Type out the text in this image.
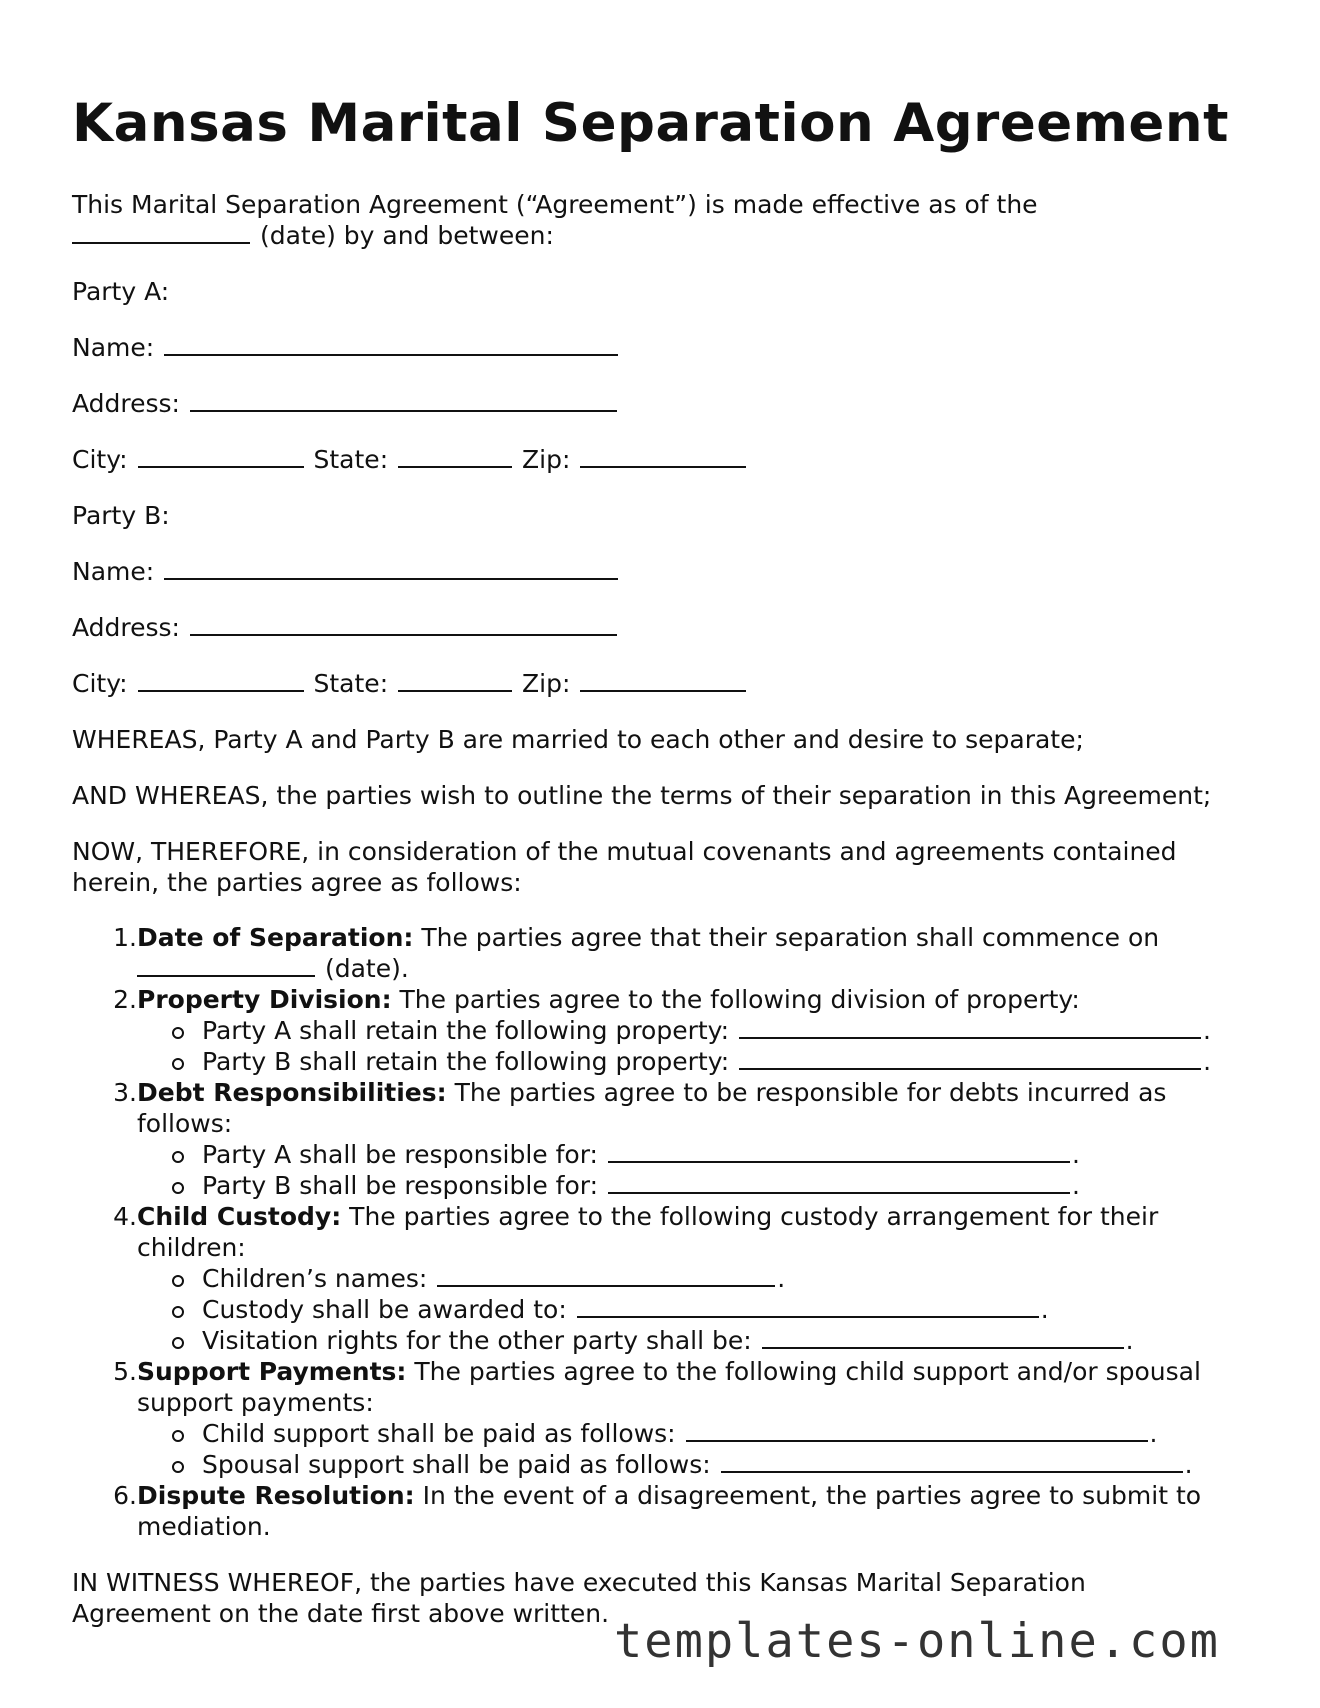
Kansas Marital Separation Agreement
This Marital Separation Agreement (“Agreement”) is made effective as of the
(date) by and between:
Party A:
Name:
Address:
City:	State:	Zip:
Party B:
Name:
Address:
City:	State:	Zip:
WHEREAS, Party A and Party B are married to each other and desire to separate;
AND WHEREAS, the parties wish to outline the terms of their separation in this Agreement;
NOW, THEREFORE, in consideration of the mutual covenants and agreements contained
herein, the parties agree as follows:
1. Date of Separation: The parties agree that their separation shall commence on
(date).
2. Property Division: The parties agree to the following division of property:
Party A shall retain the following property:	.
Party B shall retain the following property:	.
3. Debt Responsibilities: The parties agree to be responsible for debts incurred as
follows:
Party A shall be responsible for:	.
Party B shall be responsible for:	.
4. Child Custody: The parties agree to the following custody arrangement for their
children:
Children’s names:	.
Custody shall be awarded to:	.
Visitation rights for the other party shall be:	.
5. Support Payments: The parties agree to the following child support and/or spousal
support payments:
Child support shall be paid as follows:	.
Spousal support shall be paid as follows:	.
6. Dispute Resolution: In the event of a disagreement, the parties agree to submit to
mediation.
IN WITNESS WHEREOF, the parties have executed this Kansas Marital Separation
Agreement on the date first above written.
templates-online.com
